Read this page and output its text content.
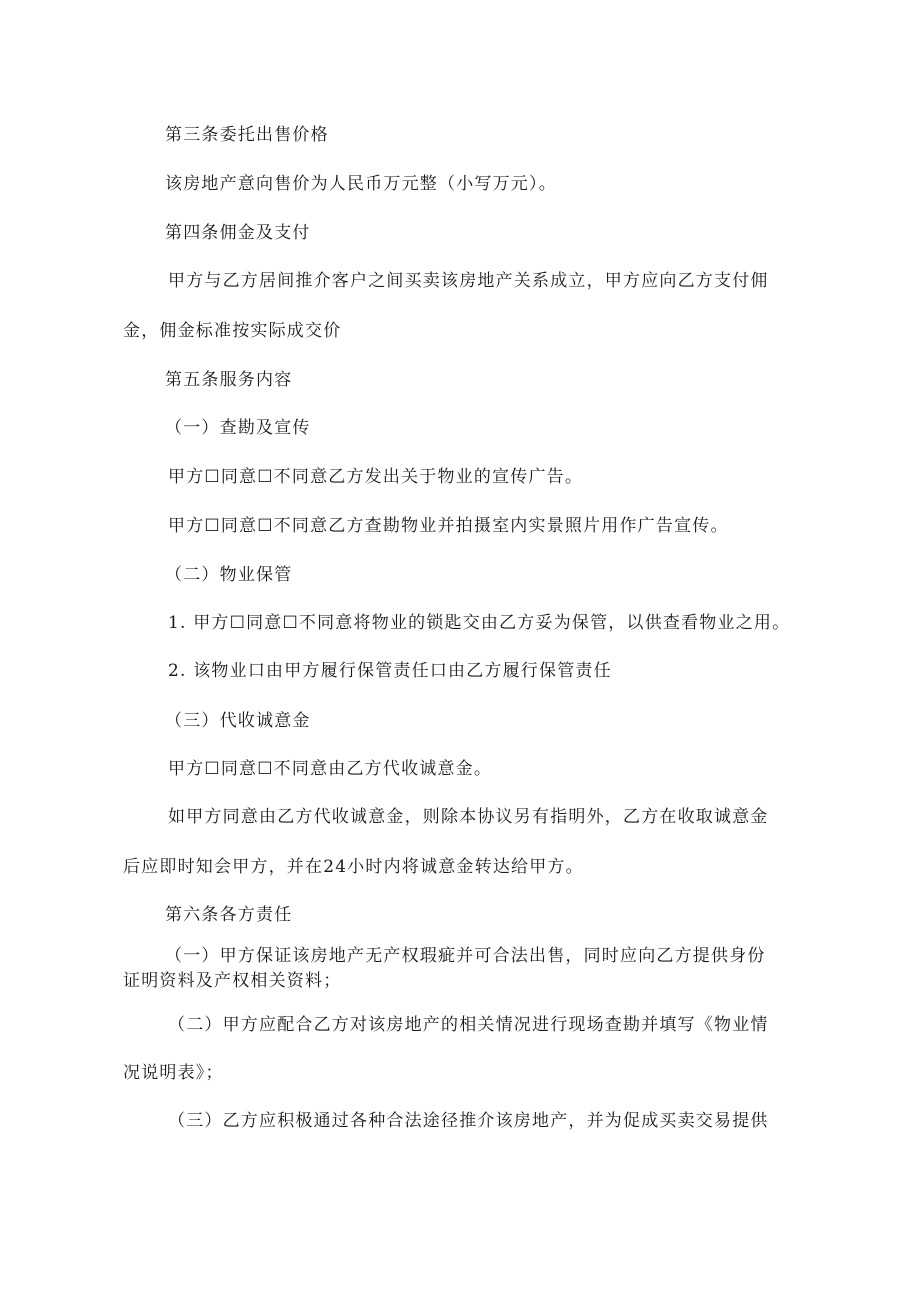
第三条委托出售价格

该房地产意向售价为人民币万元整（小写万元）。

第四条佣金及支付

甲方与乙方居间推介客户之间买卖该房地产关系成立，甲方应向乙方支付佣

金，佣金标准按实际成交价

第五条服务内容

（一）查勘及宣传

甲方☐同意☐不同意乙方发出关于物业的宣传广告。

甲方☐同意☐不同意乙方查勘物业并拍摄室内实景照片用作广告宣传。

（二）物业保管

1. 甲方☐同意☐不同意将物业的锁匙交由乙方妥为保管，以供查看物业之用。

2. 该物业口由甲方履行保管责任口由乙方履行保管责任

（三）代收诚意金

甲方☐同意☐不同意由乙方代收诚意金。

如甲方同意由乙方代收诚意金，则除本协议另有指明外，乙方在收取诚意金

后应即时知会甲方，并在24小时内将诚意金转达给甲方。

第六条各方责任

（一）甲方保证该房地产无产权瑕疵并可合法出售，同时应向乙方提供身份

证明资料及产权相关资料；

（二）甲方应配合乙方对该房地产的相关情况进行现场查勘并填写《物业情

况说明表》；

（三）乙方应积极通过各种合法途径推介该房地产，并为促成买卖交易提供
